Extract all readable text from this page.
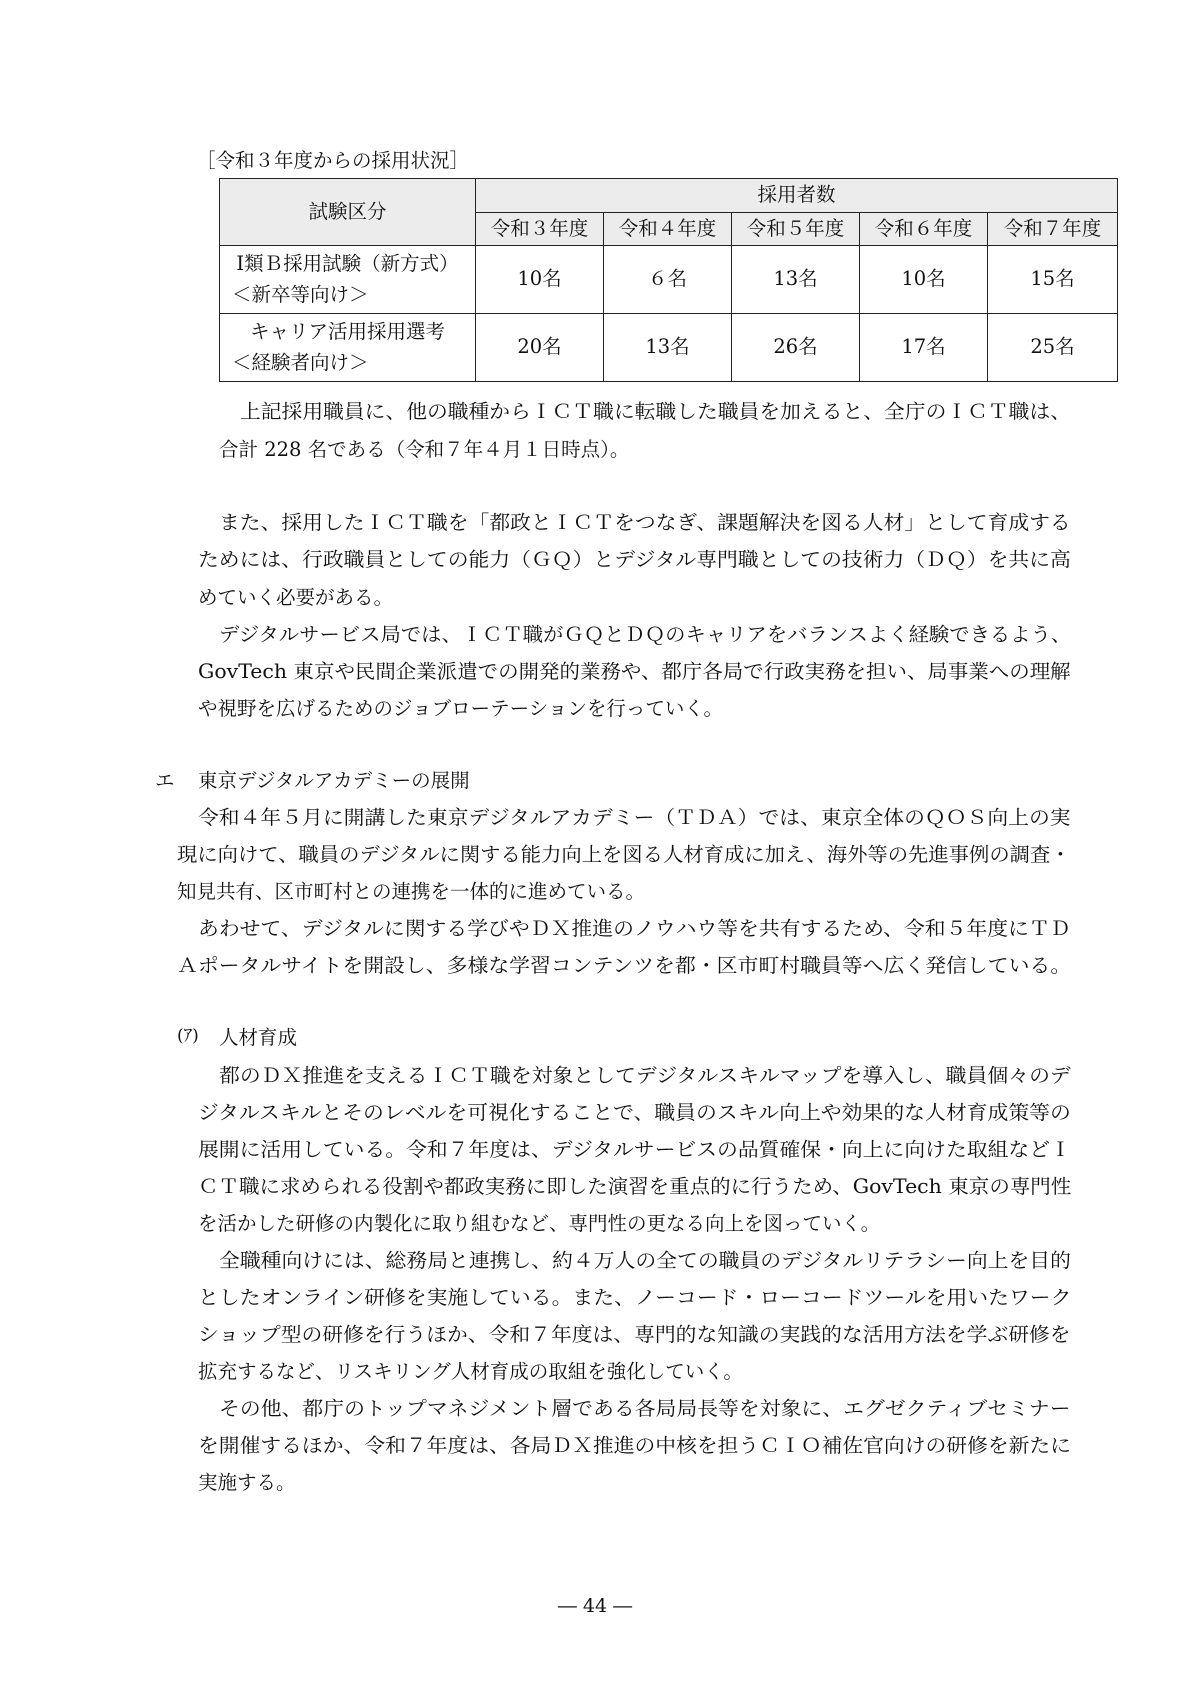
［令和３年度からの採用状況］
試験区分	採用者数				
	令和３年度	令和４年度	令和５年度	令和６年度	令和７年度

Ⅰ類Ｂ採用試験（新方式）
＜新卒等向け＞	10名	６名	13名	10名	15名

キャリア活用採用選考
＜経験者向け＞	20名	13名	26名	17名	25名
上記採用職員に、他の職種からＩＣＴ職に転職した職員を加えると、全庁のＩＣＴ職は、
合計 228 名である（令和７年４月１日時点）。
また、採用したＩＣＴ職を「都政とＩＣＴをつなぎ、課題解決を図る人材」として育成する
ためには、行政職員としての能力（ＧＱ）とデジタル専門職としての技術力（ＤＱ）を共に高
めていく必要がある。
デジタルサービス局では、ＩＣＴ職がＧＱとＤＱのキャリアをバランスよく経験できるよう、
GovTech 東京や民間企業派遣での開発的業務や、都庁各局で行政実務を担い、局事業への理解
や視野を広げるためのジョブローテーションを行っていく。
エ 東京デジタルアカデミーの展開
令和４年５月に開講した東京デジタルアカデミー（ＴＤＡ）では、東京全体のＱＯＳ向上の実
現に向けて、職員のデジタルに関する能力向上を図る人材育成に加え、海外等の先進事例の調査・
知見共有、区市町村との連携を一体的に進めている。
あわせて、デジタルに関する学びやＤＸ推進のノウハウ等を共有するため、令和５年度にＴＤ
Ａポータルサイトを開設し、多様な学習コンテンツを都・区市町村職員等へ広く発信している。
(ｱ) 人材育成
都のＤＸ推進を支えるＩＣＴ職を対象としてデジタルスキルマップを導入し、職員個々のデ
ジタルスキルとそのレベルを可視化することで、職員のスキル向上や効果的な人材育成策等の
展開に活用している。令和７年度は、デジタルサービスの品質確保・向上に向けた取組などＩ
ＣＴ職に求められる役割や都政実務に即した演習を重点的に行うため、GovTech 東京の専門性
を活かした研修の内製化に取り組むなど、専門性の更なる向上を図っていく。
全職種向けには、総務局と連携し、約４万人の全ての職員のデジタルリテラシー向上を目的
としたオンライン研修を実施している。また、ノーコード・ローコードツールを用いたワーク
ショップ型の研修を行うほか、令和７年度は、専門的な知識の実践的な活用方法を学ぶ研修を
拡充するなど、リスキリング人材育成の取組を強化していく。
その他、都庁のトップマネジメント層である各局局長等を対象に、エグゼクティブセミナー
を開催するほか、令和７年度は、各局ＤＸ推進の中核を担うＣＩＯ補佐官向けの研修を新たに
実施する。
― 44 ―
